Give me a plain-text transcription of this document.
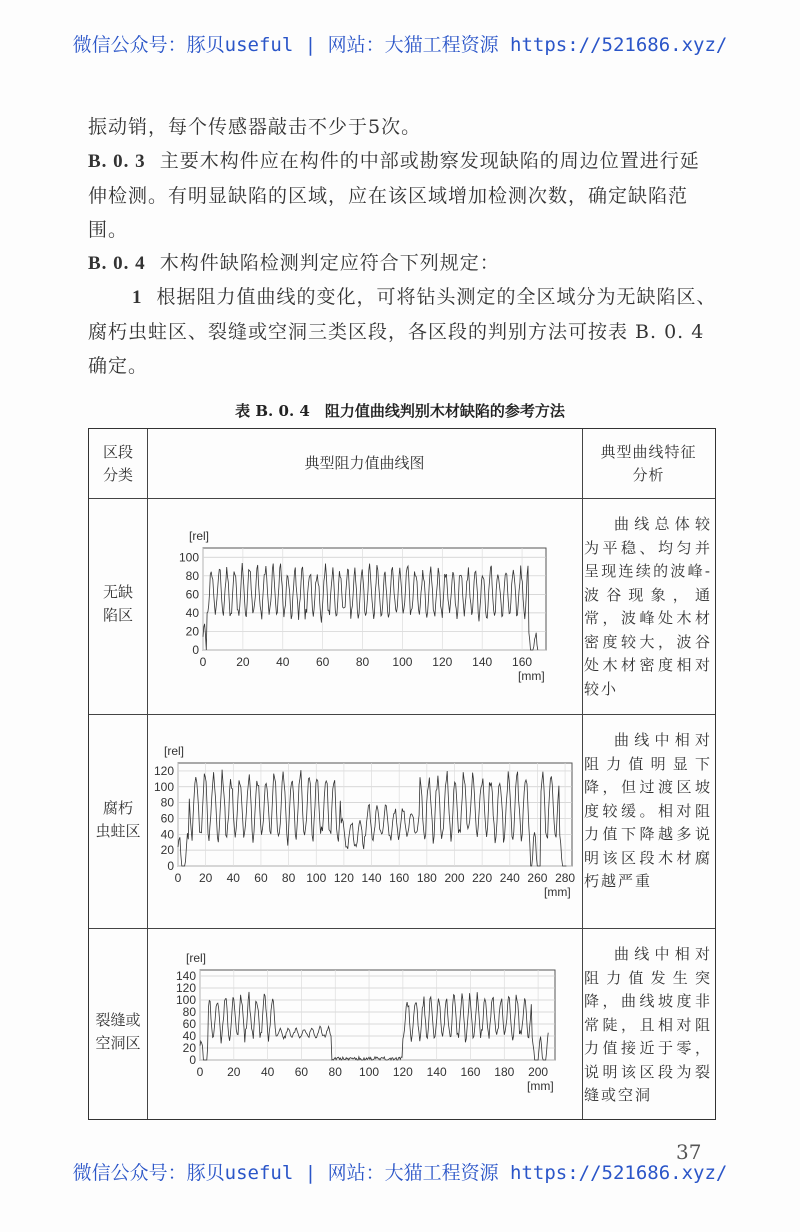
微信公众号：豚贝useful | 网站：大猫工程资源 https://521686.xyz/
振动销，每个传感器敲击不少于5次。
B. 0. 3 主要木构件应在构件的中部或勘察发现缺陷的周边位置进行延伸检测。有明显缺陷的区域，应在该区域增加检测次数，确定缺陷范围。
B. 0. 4 木构件缺陷检测判定应符合下列规定：
1 根据阻力值曲线的变化，可将钻头测定的全区域分为无缺陷区、腐朽虫蛀区、裂缝或空洞三类区段，各区段的判别方法可按表 B. 0. 4 确定。
表 B. 0. 4　阻力值曲线判别木材缺陷的参考方法
区段
分类
典型阻力值曲线图
典型曲线特征
分析
无缺
陷区
腐朽
虫蛀区
裂缝或
空洞区
曲线总体较为平稳、均匀并呈现连续的波峰-波谷现象，通常，波峰处木材密度较大，波谷处木材密度相对较小
曲线中相对阻力值明显下降，但过渡区坡度较缓。相对阻力值下降越多说明该区段木材腐朽越严重
曲线中相对阻力值发生突降，曲线坡度非常陡，且相对阻力值接近于零，说明该区段为裂缝或空洞
0
20
40
60
80
100
0 20 40 60 80 100 120 140 160
[rel]
[mm]
0
20
40
60
80
100
120
0 20 40 60 80 100 120 140 160 180 200 220 240 260 280
[rel]
[mm]
0
20
40
60
80
100
120
140
0 20 40 60 80 100 120 140 160 180 200
[rel]
[mm]
37
微信公众号：豚贝useful | 网站：大猫工程资源 https://521686.xyz/
